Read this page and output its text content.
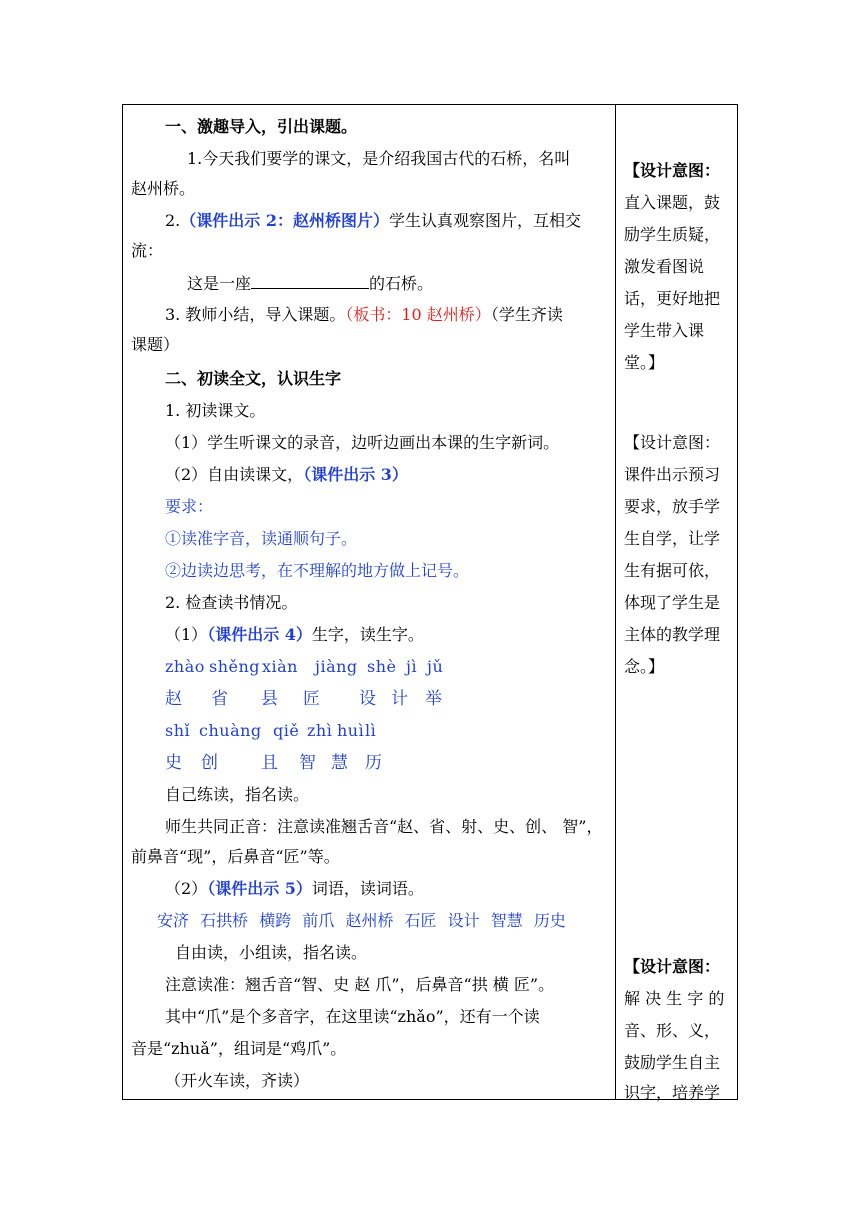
一、激趣导入，引出课题。
1.今天我们要学的课文，是介绍我国古代的石桥，名叫
赵州桥。
2.（课件出示 2：赵州桥图片）学生认真观察图片，互相交
流：
这是一座	的石桥。
3. 教师小结，导入课题。（板书：10 赵州桥）（学生齐读
课题）
二、初读全文，认识生字
1. 初读课文。
（1）学生听课文的录音，边听边画出本课的生字新词。
（2）自由读课文，（课件出示 3）
要求：
①读准字音，读通顺句子。
②边读边思考，在不理解的地方做上记号。
2. 检查读书情况。
（1）（课件出示 4）生字，读生字。
zhào shěng xiàn jiàng shè jì jǔ
赵 省 县 匠 设 计 举
shǐ chuàng qiě zhì huì lì
史 创	且 智 慧 历
自己练读，指名读。
师生共同正音：注意读准翘舌音“赵、省、射、史、创、 智”，
前鼻音“现”，后鼻音“匠”等。
（2）（课件出示 5）词语，读词语。
安济 石拱桥 横跨 前爪 赵州桥 石匠 设计 智慧 历史
自由读，小组读，指名读。
注意读准：翘舌音“智、史 赵 爪”，后鼻音“拱 横 匠”。
其中“爪”是个多音字，在这里读“zhǎo”，还有一个读
音是“zhuǎ”，组词是“鸡爪”。
（开火车读，齐读）
【设计意图：
直入课题，鼓
励学生质疑，
激发看图说
话，更好地把
学生带入课
堂。】
【设计意图：
课件出示预习
要求，放手学
生自学，让学
生有据可依，
体现了学生是
主体的教学理
念。】
【设计意图：
解 决 生 字 的
音、形、义，
鼓励学生自主
识字，培养学
